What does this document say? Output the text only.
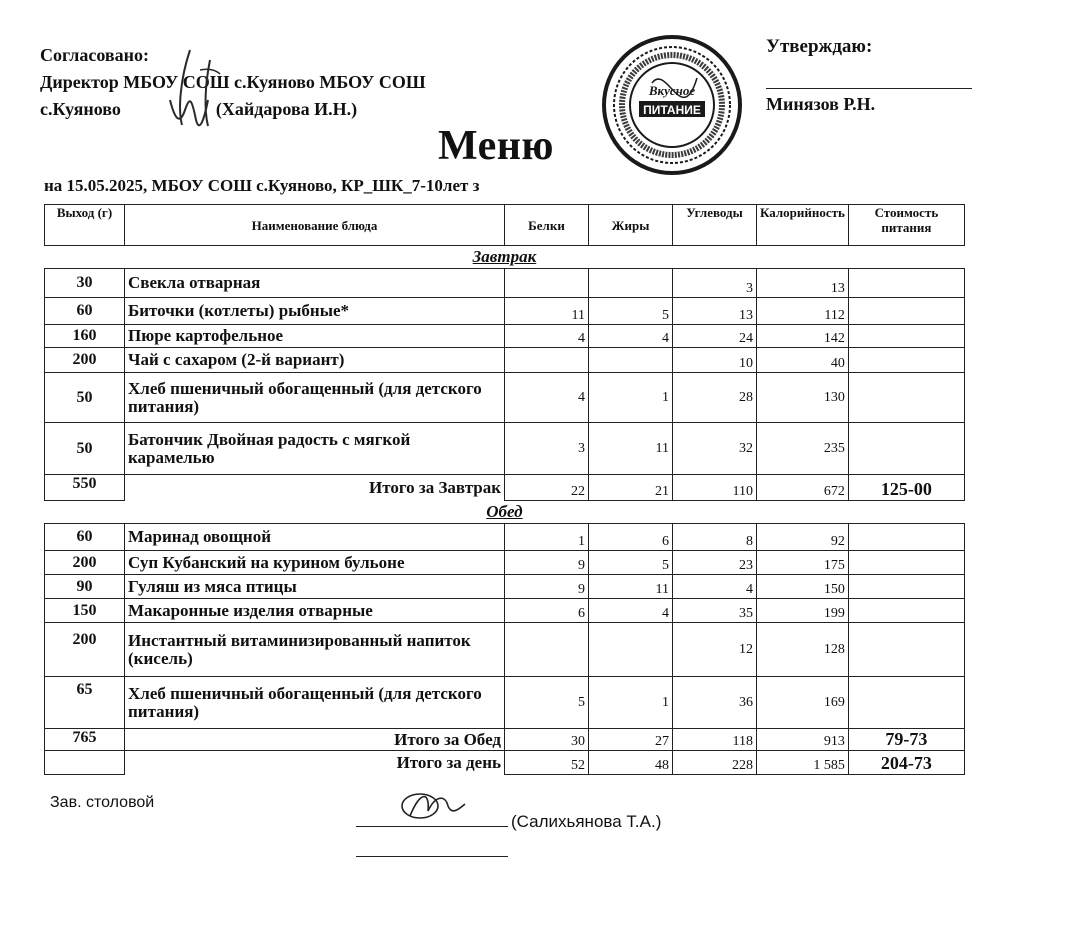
Согласовано:
Директор МБОУ СОШ с.Куяново МБОУ СОШ
с.Куяново	(Хайдарова И.Н.)
Вкусное
ПИТАНИЕ
Утверждаю:
Минязов Р.Н.
Меню
на 15.05.2025, МБОУ СОШ с.Куяново, КР_ШК_7-10лет з
Выход (г)	Наименование блюда	Белки	Жиры	Углеводы	Калорийность	Стоимость питания
Завтрак						
30	Свекла отварная			3	13	
60	Биточки (котлеты) рыбные*	11	5	13	112	
160	Пюре картофельное	4	4	24	142	
200	Чай с сахаром (2-й вариант)			10	40	
50	Хлеб пшеничный обогащенный (для детского питания)	4	1	28	130	
50	Батончик Двойная радость с мягкой карамелью	3	11	32	235	
550	Итого за Завтрак	22	21	110	672	125-00
Обед						
60	Маринад овощной	1	6	8	92	
200	Суп Кубанский на курином бульоне	9	5	23	175	
90	Гуляш из мяса птицы	9	11	4	150	
150	Макаронные изделия отварные	6	4	35	199	
200	Инстантный витаминизированный напиток (кисель)			12	128	
65	Хлеб пшеничный обогащенный (для детского питания)	5	1	36	169	
765	Итого за Обед	30	27	118	913	79-73
	Итого за день	52	48	228	1 585	204-73
Зав. столовой
(Салихьянова Т.А.)
